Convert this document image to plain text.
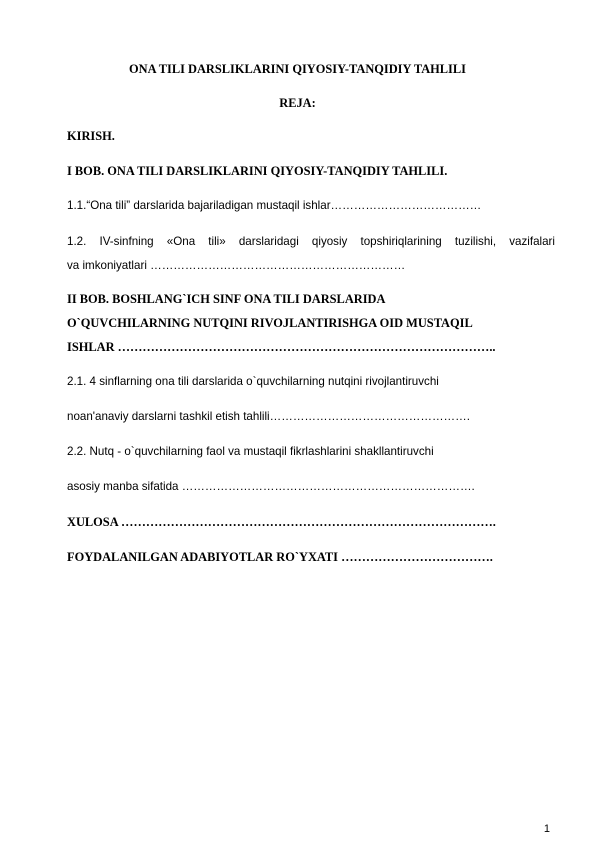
ONA TILI DARSLIKLARINI QIYOSIY-TANQIDIY TAHLILI
REJA:
KIRISH.
I BOB. ONA TILI DARSLIKLARINI QIYOSIY-TANQIDIY TAHLILI.
1.1.“Ona tili” darslarida bajariladigan mustaqil ishlar…………………………………
1.2. IV-sinfning «Ona tili» darslaridagi qiyosiy topshiriqlarining tuzilishi, vazifalari
va imkoniyatlari …………………………………………………………
II BOB. BOSHLANG`ICH SINF ONA TILI DARSLARIDA
O`QUVCHILARNING NUTQINI RIVOJLANTIRISHGA OID MUSTAQIL
ISHLAR ………………………………………………………………………………..
2.1. 4 sinflarning ona tili darslarida o`quvchilarning nutqini rivojlantiruvchi
noan'anaviy darslarni tashkil etish tahlili…………………………………………….
2.2. Nutq - o`quvchilarning faol va mustaqil fikrlashlarini shakllantiruvchi
asosiy manba sifatida ………………………………………………………………….
XULOSA ……………………………………………………………………………….
FOYDALANILGAN ADABIYOTLAR RO`YXATI ……………………………….
1
